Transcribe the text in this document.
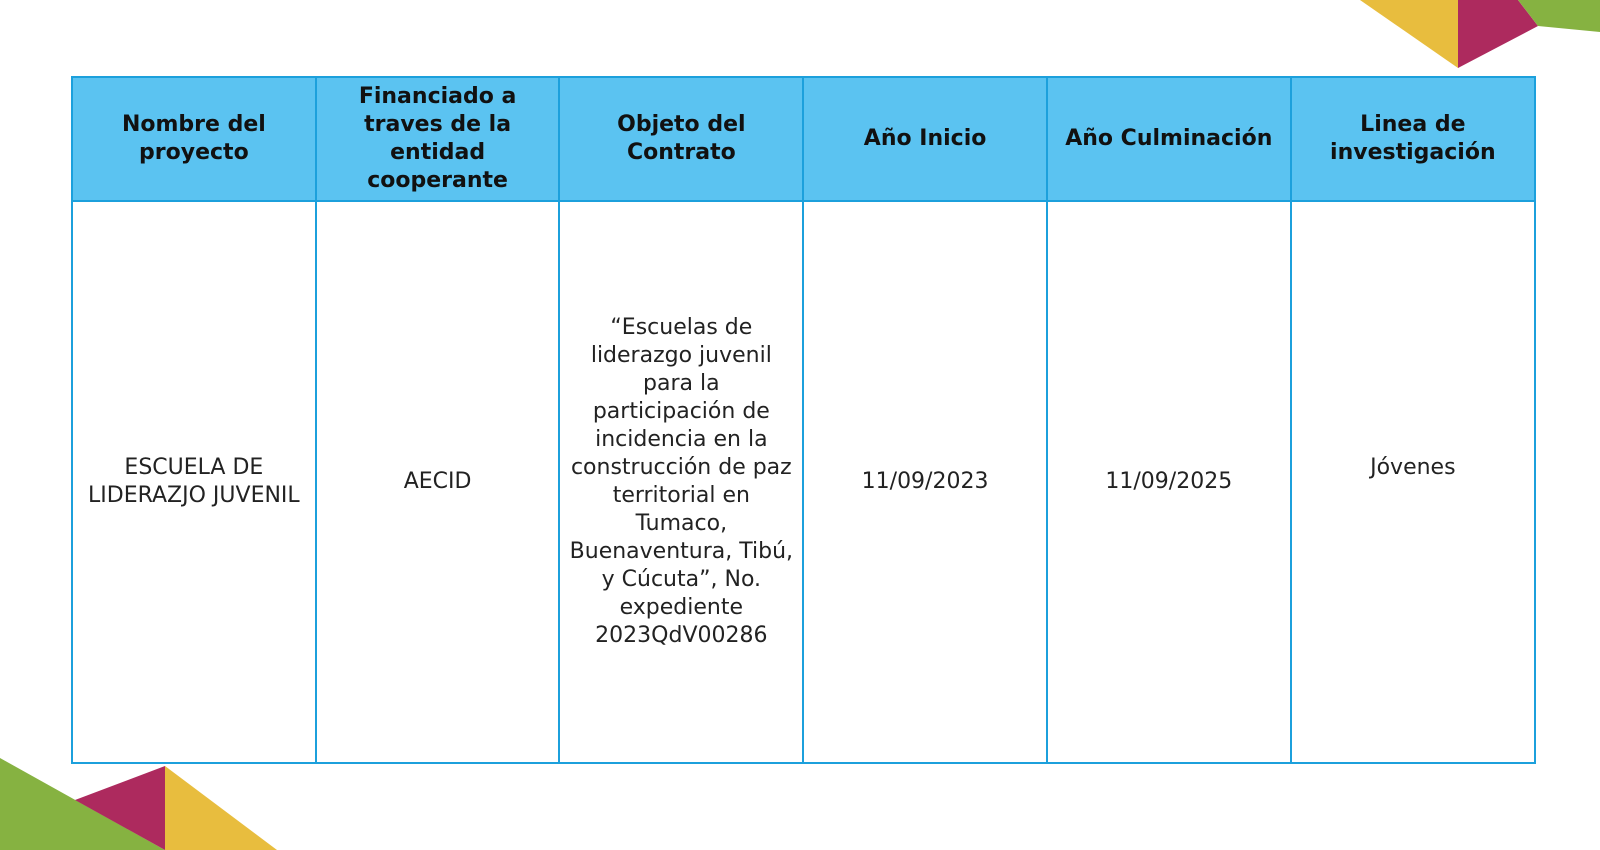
Nombre del proyecto	Financiado a traves de la entidad cooperante	Objeto del Contrato	Año Inicio	Año Culminación	Linea de investigación
ESCUELA DE LIDERAZJO JUVENIL	AECID	“Escuelas de liderazgo juvenil para la participación de incidencia en la construcción de paz territorial en Tumaco, Buenaventura, Tibú, y Cúcuta”, No. expediente 2023QdV00286	11/09/2023	11/09/2025	Jóvenes
